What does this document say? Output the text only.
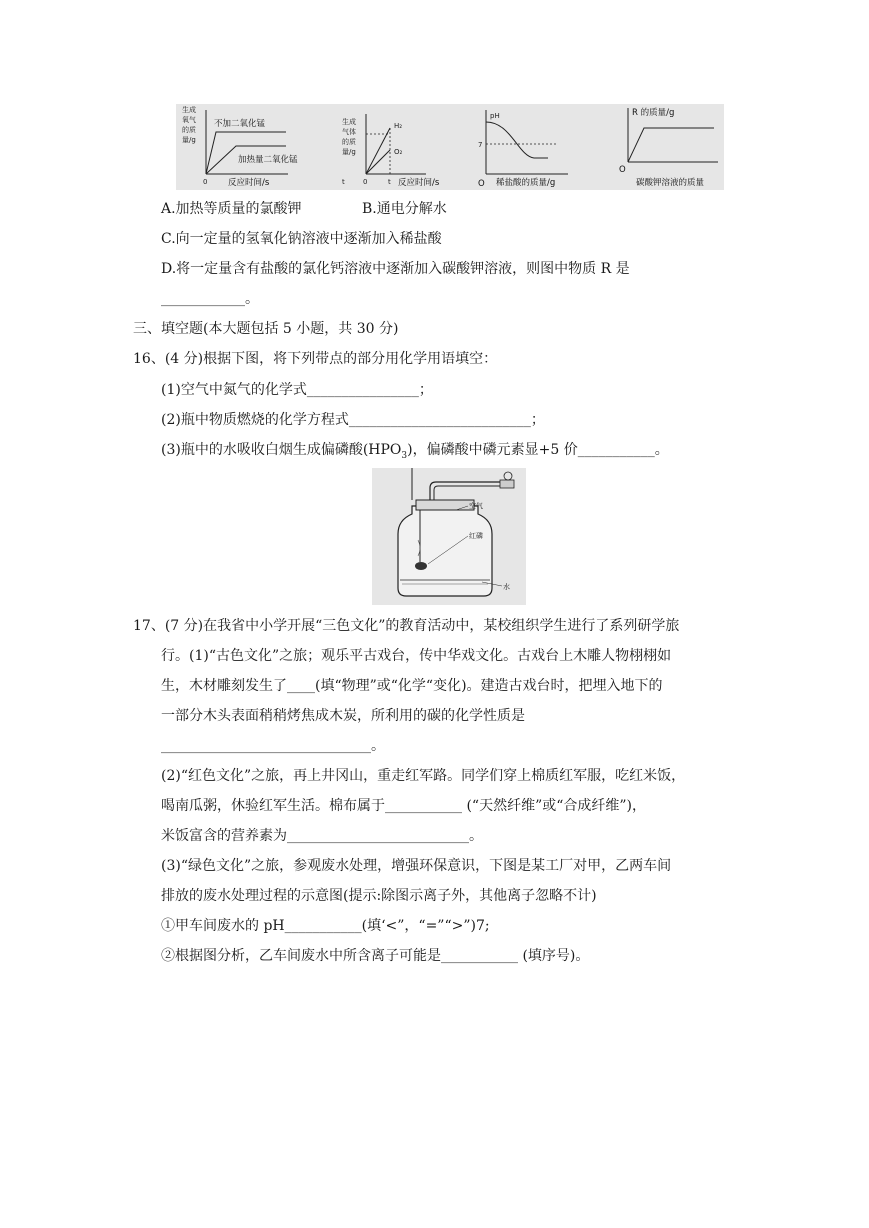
生成
氧气
的质
量/g
不加二氧化锰
加热量二氧化锰
0 反应时间/s
生成
气体
的质
量/g
H₂
O₂
t	0	t 反应时间/s
pH
7
O 稀盐酸的质量/g
R 的质量/g
O
碳酸钾溶液的质量
A.加热等质量的氯酸钾	B.通电分解水
C.向一定量的氢氧化钠溶液中逐渐加入稀盐酸
D.将一定量含有盐酸的氯化钙溶液中逐渐加入碳酸钾溶液，则图中物质 R 是
____________。
三、填空题(本大题包括 5 小题，共 30 分)
16、(4 分)根据下图，将下列带点的部分用化学用语填空：
(1)空气中氮气的化学式________________；
(2)瓶中物质燃烧的化学方程式__________________________；
(3)瓶中的水吸收白烟生成偏磷酸$(HPO_3)$，偏磷酸中磷元素显+5 价___________。
空气
红磷
水
17、(7 分)在我省中小学开展“三色文化”的教育活动中，某校组织学生进行了系列研学旅
行。(1)“古色文化”之旅；观乐平古戏台，传中华戏文化。古戏台上木雕人物栩栩如
生，木材雕刻发生了____(填“物理”或“化学“变化)。建造古戏台时，把埋入地下的
一部分木头表面稍稍烤焦成木炭，所利用的碳的化学性质是
______________________________。
(2)“红色文化”之旅，再上井冈山，重走红军路。同学们穿上棉质红军服，吃红米饭，
喝南瓜粥，休验红军生活。棉布属于___________ (“天然纤维”或“合成纤维”)，
米饭富含的营养素为__________________________。
(3)“绿色文化”之旅，参观废水处理，增强环保意识，下图是某工厂对甲，乙两车间
排放的废水处理过程的示意图(提示:除图示离子外，其他离子忽略不计)
①甲车间废水的 pH___________(填‘<”，“=”“>”)7;
②根据图分析，乙车间废水中所含离子可能是___________ (填序号)。
